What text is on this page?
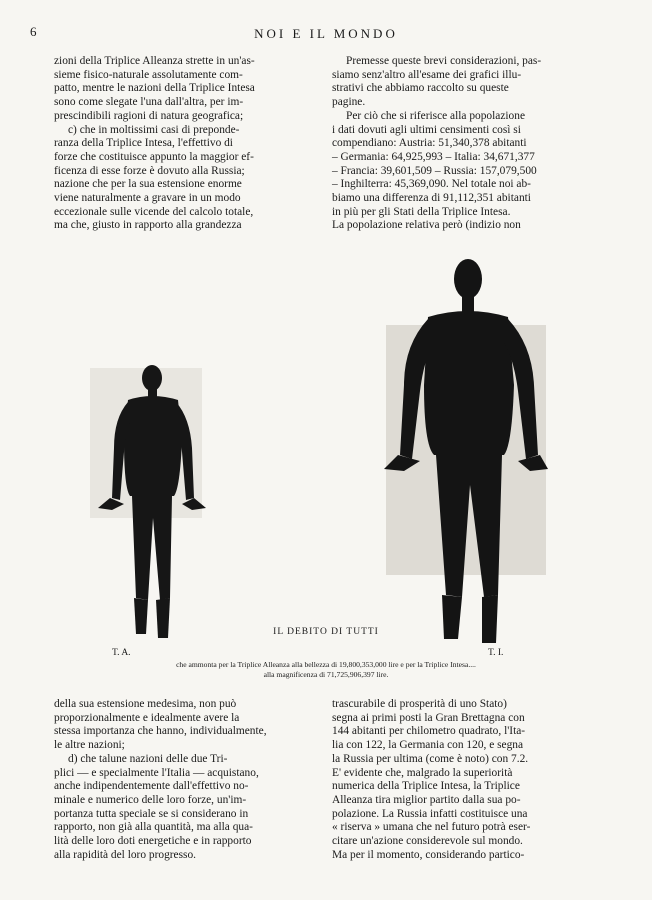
6	NOI E IL MONDO

zioni della Triplice Alleanza strette in un'as-

sieme fisico-naturale assolutamente com-

patto, mentre le nazioni della Triplice Intesa

sono come slegate l'una dall'altra, per im-

prescindibili ragioni di natura geografica;

c) che in moltissimi casi di preponde-

ranza della Triplice Intesa, l'effettivo di

forze che costituisce appunto la maggior ef-

ficenza di esse forze è dovuto alla Russia;

nazione che per la sua estensione enorme

viene naturalmente a gravare in un modo

eccezionale sulle vicende del calcolo totale,

ma che, giusto in rapporto alla grandezza

Premesse queste brevi considerazioni, pas-

siamo senz'altro all'esame dei grafici illu-

strativi che abbiamo raccolto su queste

pagine.

Per ciò che si riferisce alla popolazione

i dati dovuti agli ultimi censimenti così si

compendiano: Austria: 51,340,378 abitanti

– Germania: 64,925,993 – Italia: 34,671,377

– Francia: 39,601,509 – Russia: 157,079,500

– Inghilterra: 45,369,090. Nel totale noi ab-

biamo una differenza di 91,112,351 abitanti

in più per gli Stati della Triplice Intesa.

La popolazione relativa però (indizio non

T. A.	T. I.
IL DEBITO DI TUTTI
che ammonta per la Triplice Alleanza alla bellezza di 19,800,353,000 lire e per la Triplice Intesa....
alla magnificenza di 71,725,906,397 lire.

della sua estensione medesima, non può

proporzionalmente e idealmente avere la

stessa importanza che hanno, individualmente,

le altre nazioni;

d) che talune nazioni delle due Tri-

plici — e specialmente l'Italia — acquistano,

anche indipendentemente dall'effettivo no-

minale e numerico delle loro forze, un'im-

portanza tutta speciale se si considerano in

rapporto, non già alla quantità, ma alla qua-

lità delle loro doti energetiche e in rapporto

alla rapidità del loro progresso.

trascurabile di prosperità di uno Stato)

segna ai primi posti la Gran Brettagna con

144 abitanti per chilometro quadrato, l'Ita-

lia con 122, la Germania con 120, e segna

la Russia per ultima (come è noto) con 7.2.

E' evidente che, malgrado la superiorità

numerica della Triplice Intesa, la Triplice

Alleanza tira miglior partito dalla sua po-

polazione. La Russia infatti costituisce una

« riserva » umana che nel futuro potrà eser-

citare un'azione considerevole sul mondo.

Ma per il momento, considerando partico-
